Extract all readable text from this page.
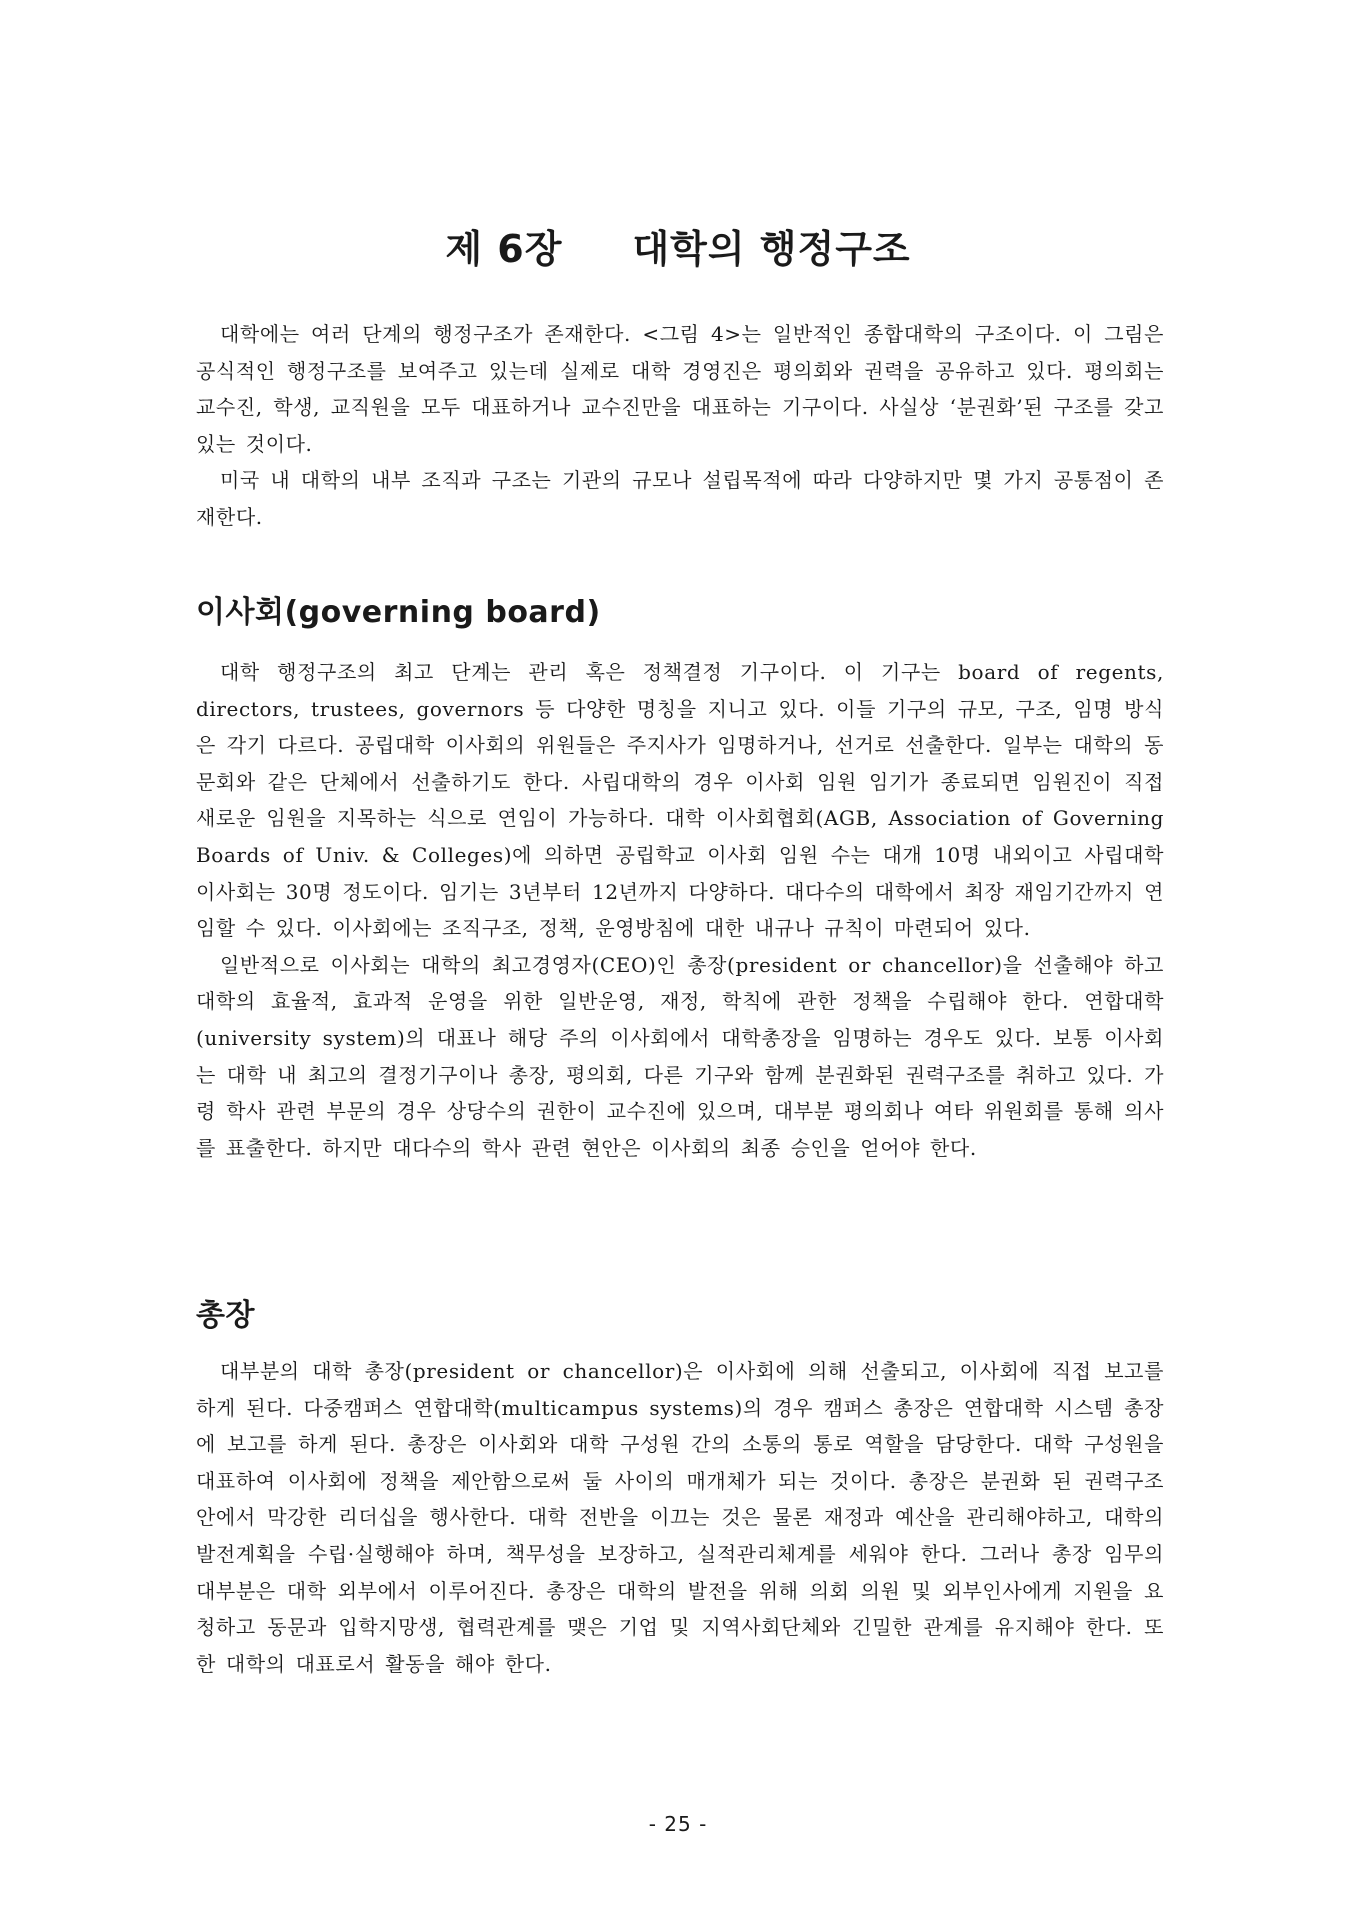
제 6장 대학의 행정구조

대학에는 여러 단계의 행정구조가 존재한다. <그림 4>는 일반적인 종합대학의 구조이다. 이 그림은 공식적인 행정구조를 보여주고 있는데 실제로 대학 경영진은 평의회와 권력을 공유하고 있다. 평의회는 교수진, 학생, 교직원을 모두 대표하거나 교수진만을 대표하는 기구이다. 사실상 ‘분권화’된 구조를 갖고 있는 것이다.

미국 내 대학의 내부 조직과 구조는 기관의 규모나 설립목적에 따라 다양하지만 몇 가지 공통점이 존재한다.

이사회(governing board)

대학 행정구조의 최고 단계는 관리 혹은 정책결정 기구이다. 이 기구는 board of regents, directors, trustees, governors 등 다양한 명칭을 지니고 있다. 이들 기구의 규모, 구조, 임명 방식은 각기 다르다. 공립대학 이사회의 위원들은 주지사가 임명하거나, 선거로 선출한다. 일부는 대학의 동문회와 같은 단체에서 선출하기도 한다. 사립대학의 경우 이사회 임원 임기가 종료되면 임원진이 직접 새로운 임원을 지목하는 식으로 연임이 가능하다. 대학 이사회협회(AGB, Association of Governing Boards of Univ. & Colleges)에 의하면 공립학교 이사회 임원 수는 대개 10명 내외이고 사립대학 이사회는 30명 정도이다. 임기는 3년부터 12년까지 다양하다. 대다수의 대학에서 최장 재임기간까지 연임할 수 있다. 이사회에는 조직구조, 정책, 운영방침에 대한 내규나 규칙이 마련되어 있다.

일반적으로 이사회는 대학의 최고경영자(CEO)인 총장(president or chancellor)을 선출해야 하고 대학의 효율적, 효과적 운영을 위한 일반운영, 재정, 학칙에 관한 정책을 수립해야 한다. 연합대학(university system)의 대표나 해당 주의 이사회에서 대학총장을 임명하는 경우도 있다. 보통 이사회는 대학 내 최고의 결정기구이나 총장, 평의회, 다른 기구와 함께 분권화된 권력구조를 취하고 있다. 가령 학사 관련 부문의 경우 상당수의 권한이 교수진에 있으며, 대부분 평의회나 여타 위원회를 통해 의사를 표출한다. 하지만 대다수의 학사 관련 현안은 이사회의 최종 승인을 얻어야 한다.

총장

대부분의 대학 총장(president or chancellor)은 이사회에 의해 선출되고, 이사회에 직접 보고를 하게 된다. 다중캠퍼스 연합대학(multicampus systems)의 경우 캠퍼스 총장은 연합대학 시스템 총장에 보고를 하게 된다. 총장은 이사회와 대학 구성원 간의 소통의 통로 역할을 담당한다. 대학 구성원을 대표하여 이사회에 정책을 제안함으로써 둘 사이의 매개체가 되는 것이다. 총장은 분권화 된 권력구조 안에서 막강한 리더십을 행사한다. 대학 전반을 이끄는 것은 물론 재정과 예산을 관리해야하고, 대학의 발전계획을 수립·실행해야 하며, 책무성을 보장하고, 실적관리체계를 세워야 한다. 그러나 총장 임무의 대부분은 대학 외부에서 이루어진다. 총장은 대학의 발전을 위해 의회 의원 및 외부인사에게 지원을 요청하고 동문과 입학지망생, 협력관계를 맺은 기업 및 지역사회단체와 긴밀한 관계를 유지해야 한다. 또한 대학의 대표로서 활동을 해야 한다.

- 25 -
